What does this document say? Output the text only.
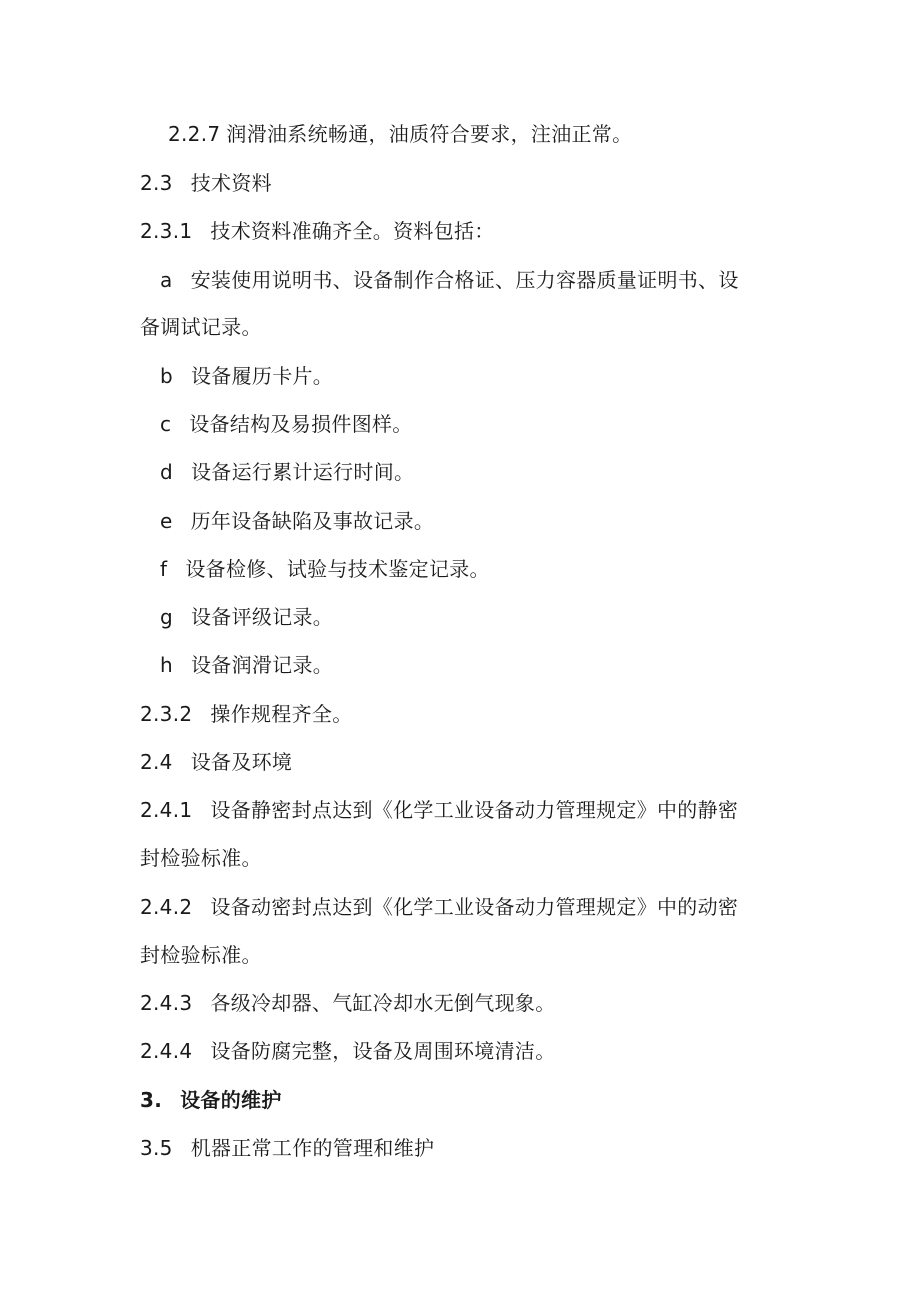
2.2.7 润滑油系统畅通，油质符合要求，注油正常。
2.3 技术资料
2.3.1 技术资料准确齐全。资料包括：
a 安装使用说明书、设备制作合格证、压力容器质量证明书、设
备调试记录。
b 设备履历卡片。
c 设备结构及易损件图样。
d 设备运行累计运行时间。
e 历年设备缺陷及事故记录。
f 设备检修、试验与技术鉴定记录。
g 设备评级记录。
h 设备润滑记录。
2.3.2 操作规程齐全。
2.4 设备及环境
2.4.1 设备静密封点达到《化学工业设备动力管理规定》中的静密
封检验标准。
2.4.2 设备动密封点达到《化学工业设备动力管理规定》中的动密
封检验标准。
2.4.3 各级冷却器、气缸冷却水无倒气现象。
2.4.4 设备防腐完整，设备及周围环境清洁。
3. 设备的维护
3.5 机器正常工作的管理和维护
